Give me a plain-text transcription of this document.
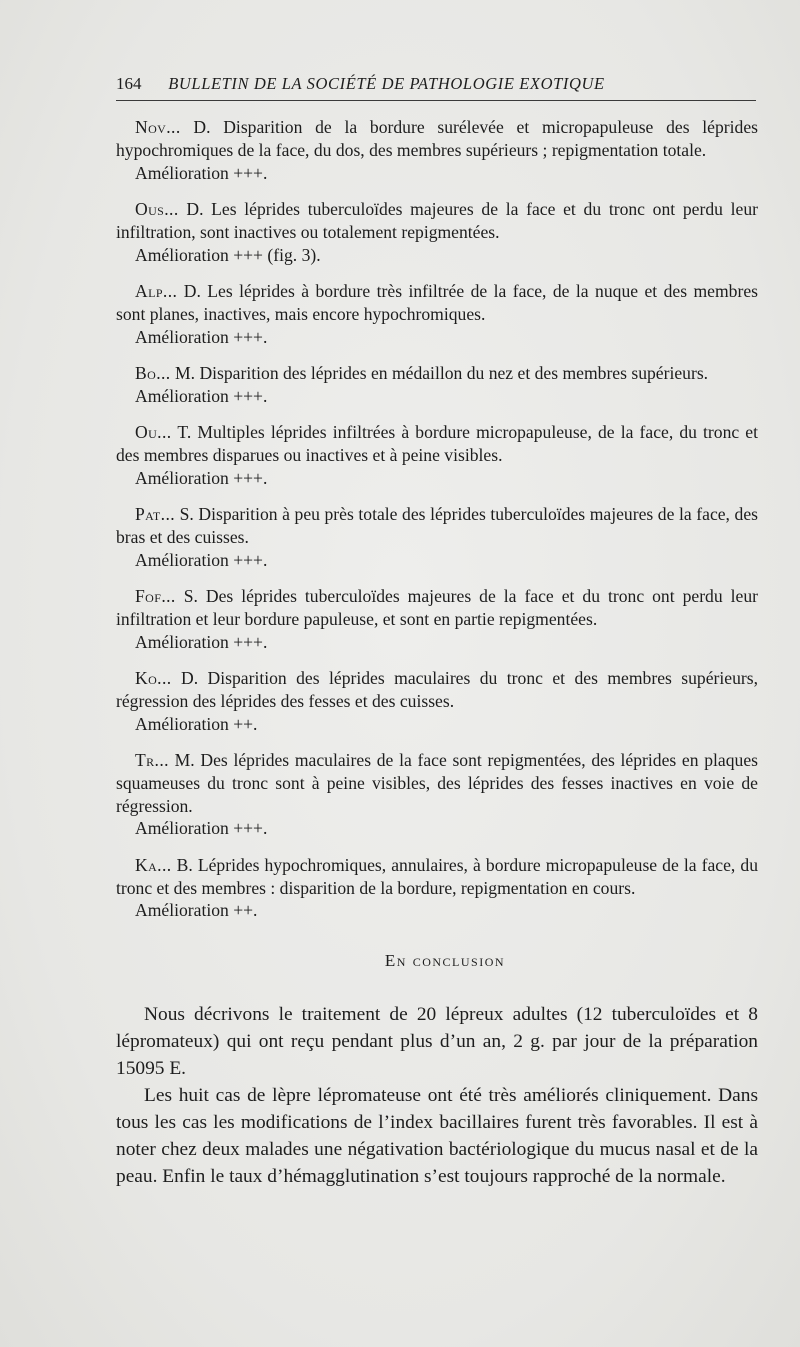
164 BULLETIN DE LA SOCIÉTÉ DE PATHOLOGIE EXOTIQUE

Nov... D. Disparition de la bordure surélevée et micropapuleuse des léprides hypochromiques de la face, du dos, des membres supérieurs ; repigmentation totale.

Amélioration +++.

Ous... D. Les léprides tuberculoïdes majeures de la face et du tronc ont perdu leur infiltration, sont inactives ou totalement repigmentées.

Amélioration +++ (fig. 3).

Alp... D. Les léprides à bordure très infiltrée de la face, de la nuque et des membres sont planes, inactives, mais encore hypochromiques.

Amélioration +++.

Bo... M. Disparition des léprides en médaillon du nez et des membres supérieurs.

Amélioration +++.

Ou... T. Multiples léprides infiltrées à bordure micropapuleuse, de la face, du tronc et des membres disparues ou inactives et à peine visibles.

Amélioration +++.

Pat... S. Disparition à peu près totale des léprides tuberculoïdes majeures de la face, des bras et des cuisses.

Amélioration +++.

Fof... S. Des léprides tuberculoïdes majeures de la face et du tronc ont perdu leur infiltration et leur bordure papuleuse, et sont en partie repigmentées.

Amélioration +++.

Ko... D. Disparition des léprides maculaires du tronc et des membres supérieurs, régression des léprides des fesses et des cuisses.

Amélioration ++.

Tr... M. Des léprides maculaires de la face sont repigmentées, des léprides en plaques squameuses du tronc sont à peine visibles, des léprides des fesses inactives en voie de régression.

Amélioration +++.

Ka... B. Léprides hypochromiques, annulaires, à bordure micropapuleuse de la face, du tronc et des membres : disparition de la bordure, repigmentation en cours.

Amélioration ++.
En conclusion

Nous décrivons le traitement de 20 lépreux adultes (12 tuberculoïdes et 8 lépromateux) qui ont reçu pendant plus d’un an, 2 g. par jour de la préparation 15095 E.

Les huit cas de lèpre lépromateuse ont été très améliorés cliniquement. Dans tous les cas les modifications de l’index bacillaires furent très favorables. Il est à noter chez deux malades une négativation bactériologique du mucus nasal et de la peau. Enfin le taux d’hémagglutination s’est toujours rapproché de la normale.
